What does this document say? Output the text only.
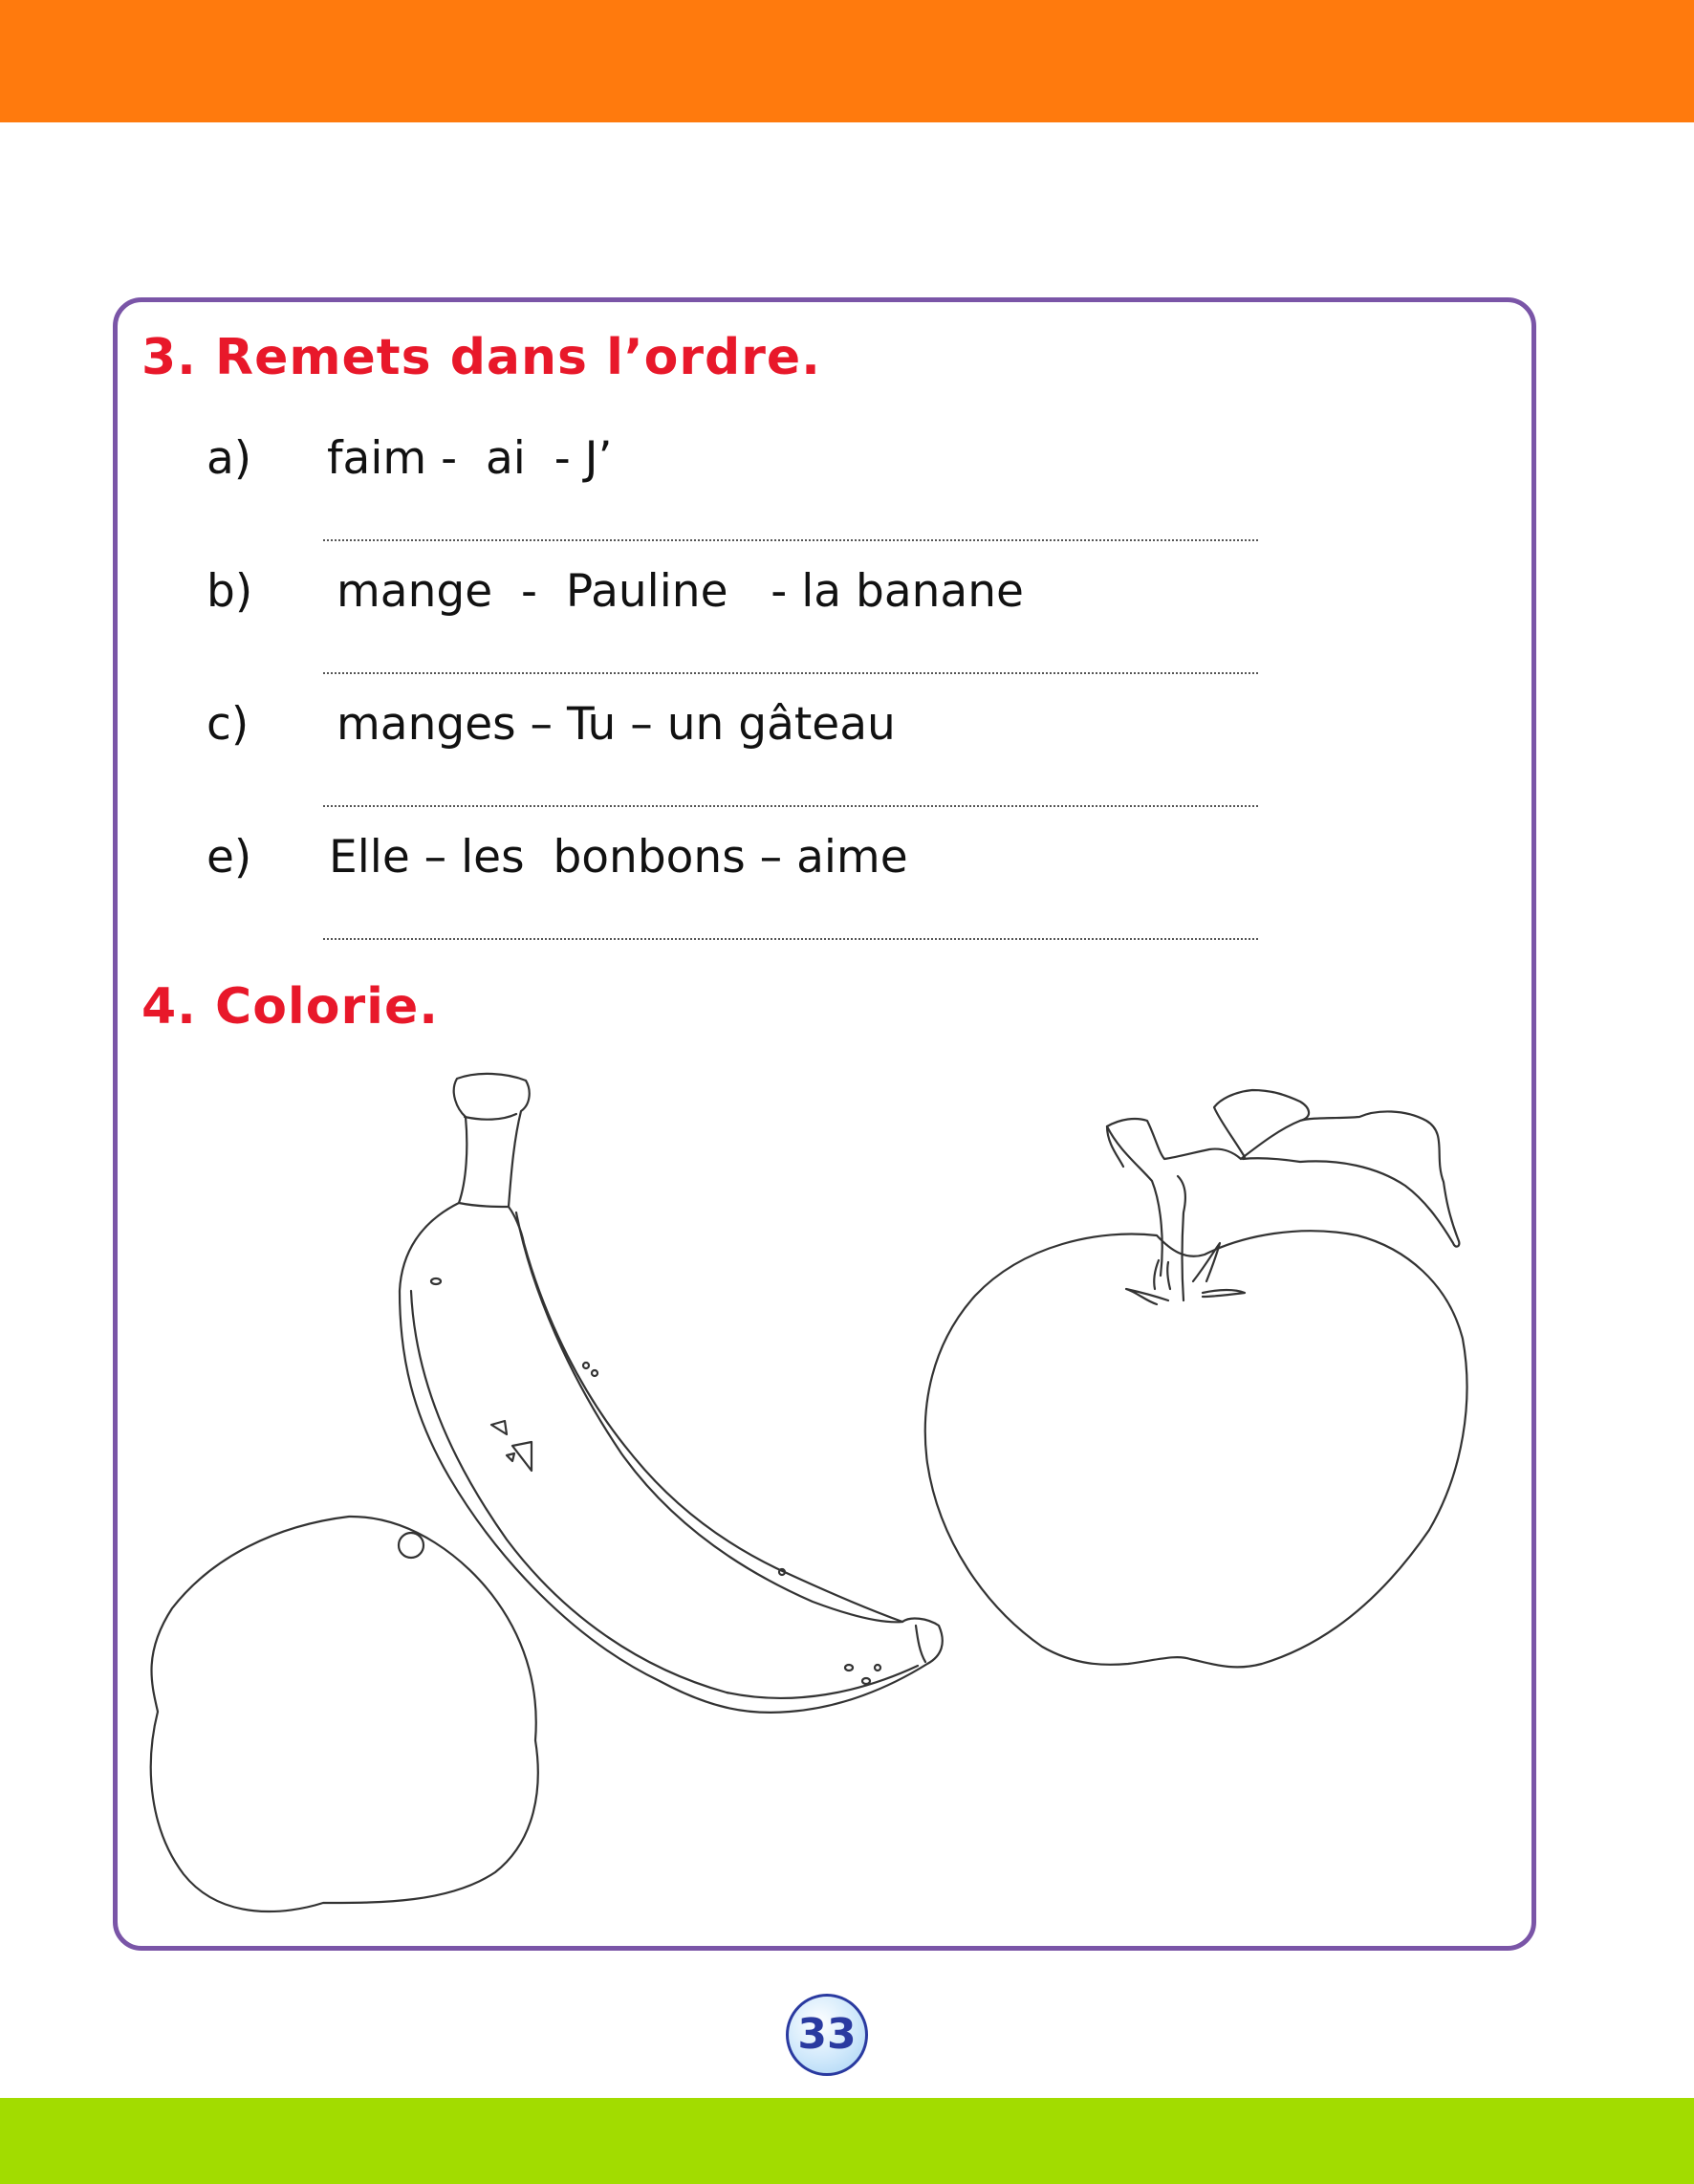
3. Remets dans l’ordre.
a) faim -  ai  - J’
b) mange  -  Pauline   - la banane
c) manges – Tu – un gâteau
e) Elle – les  bonbons – aime
4. Colorie.
33
